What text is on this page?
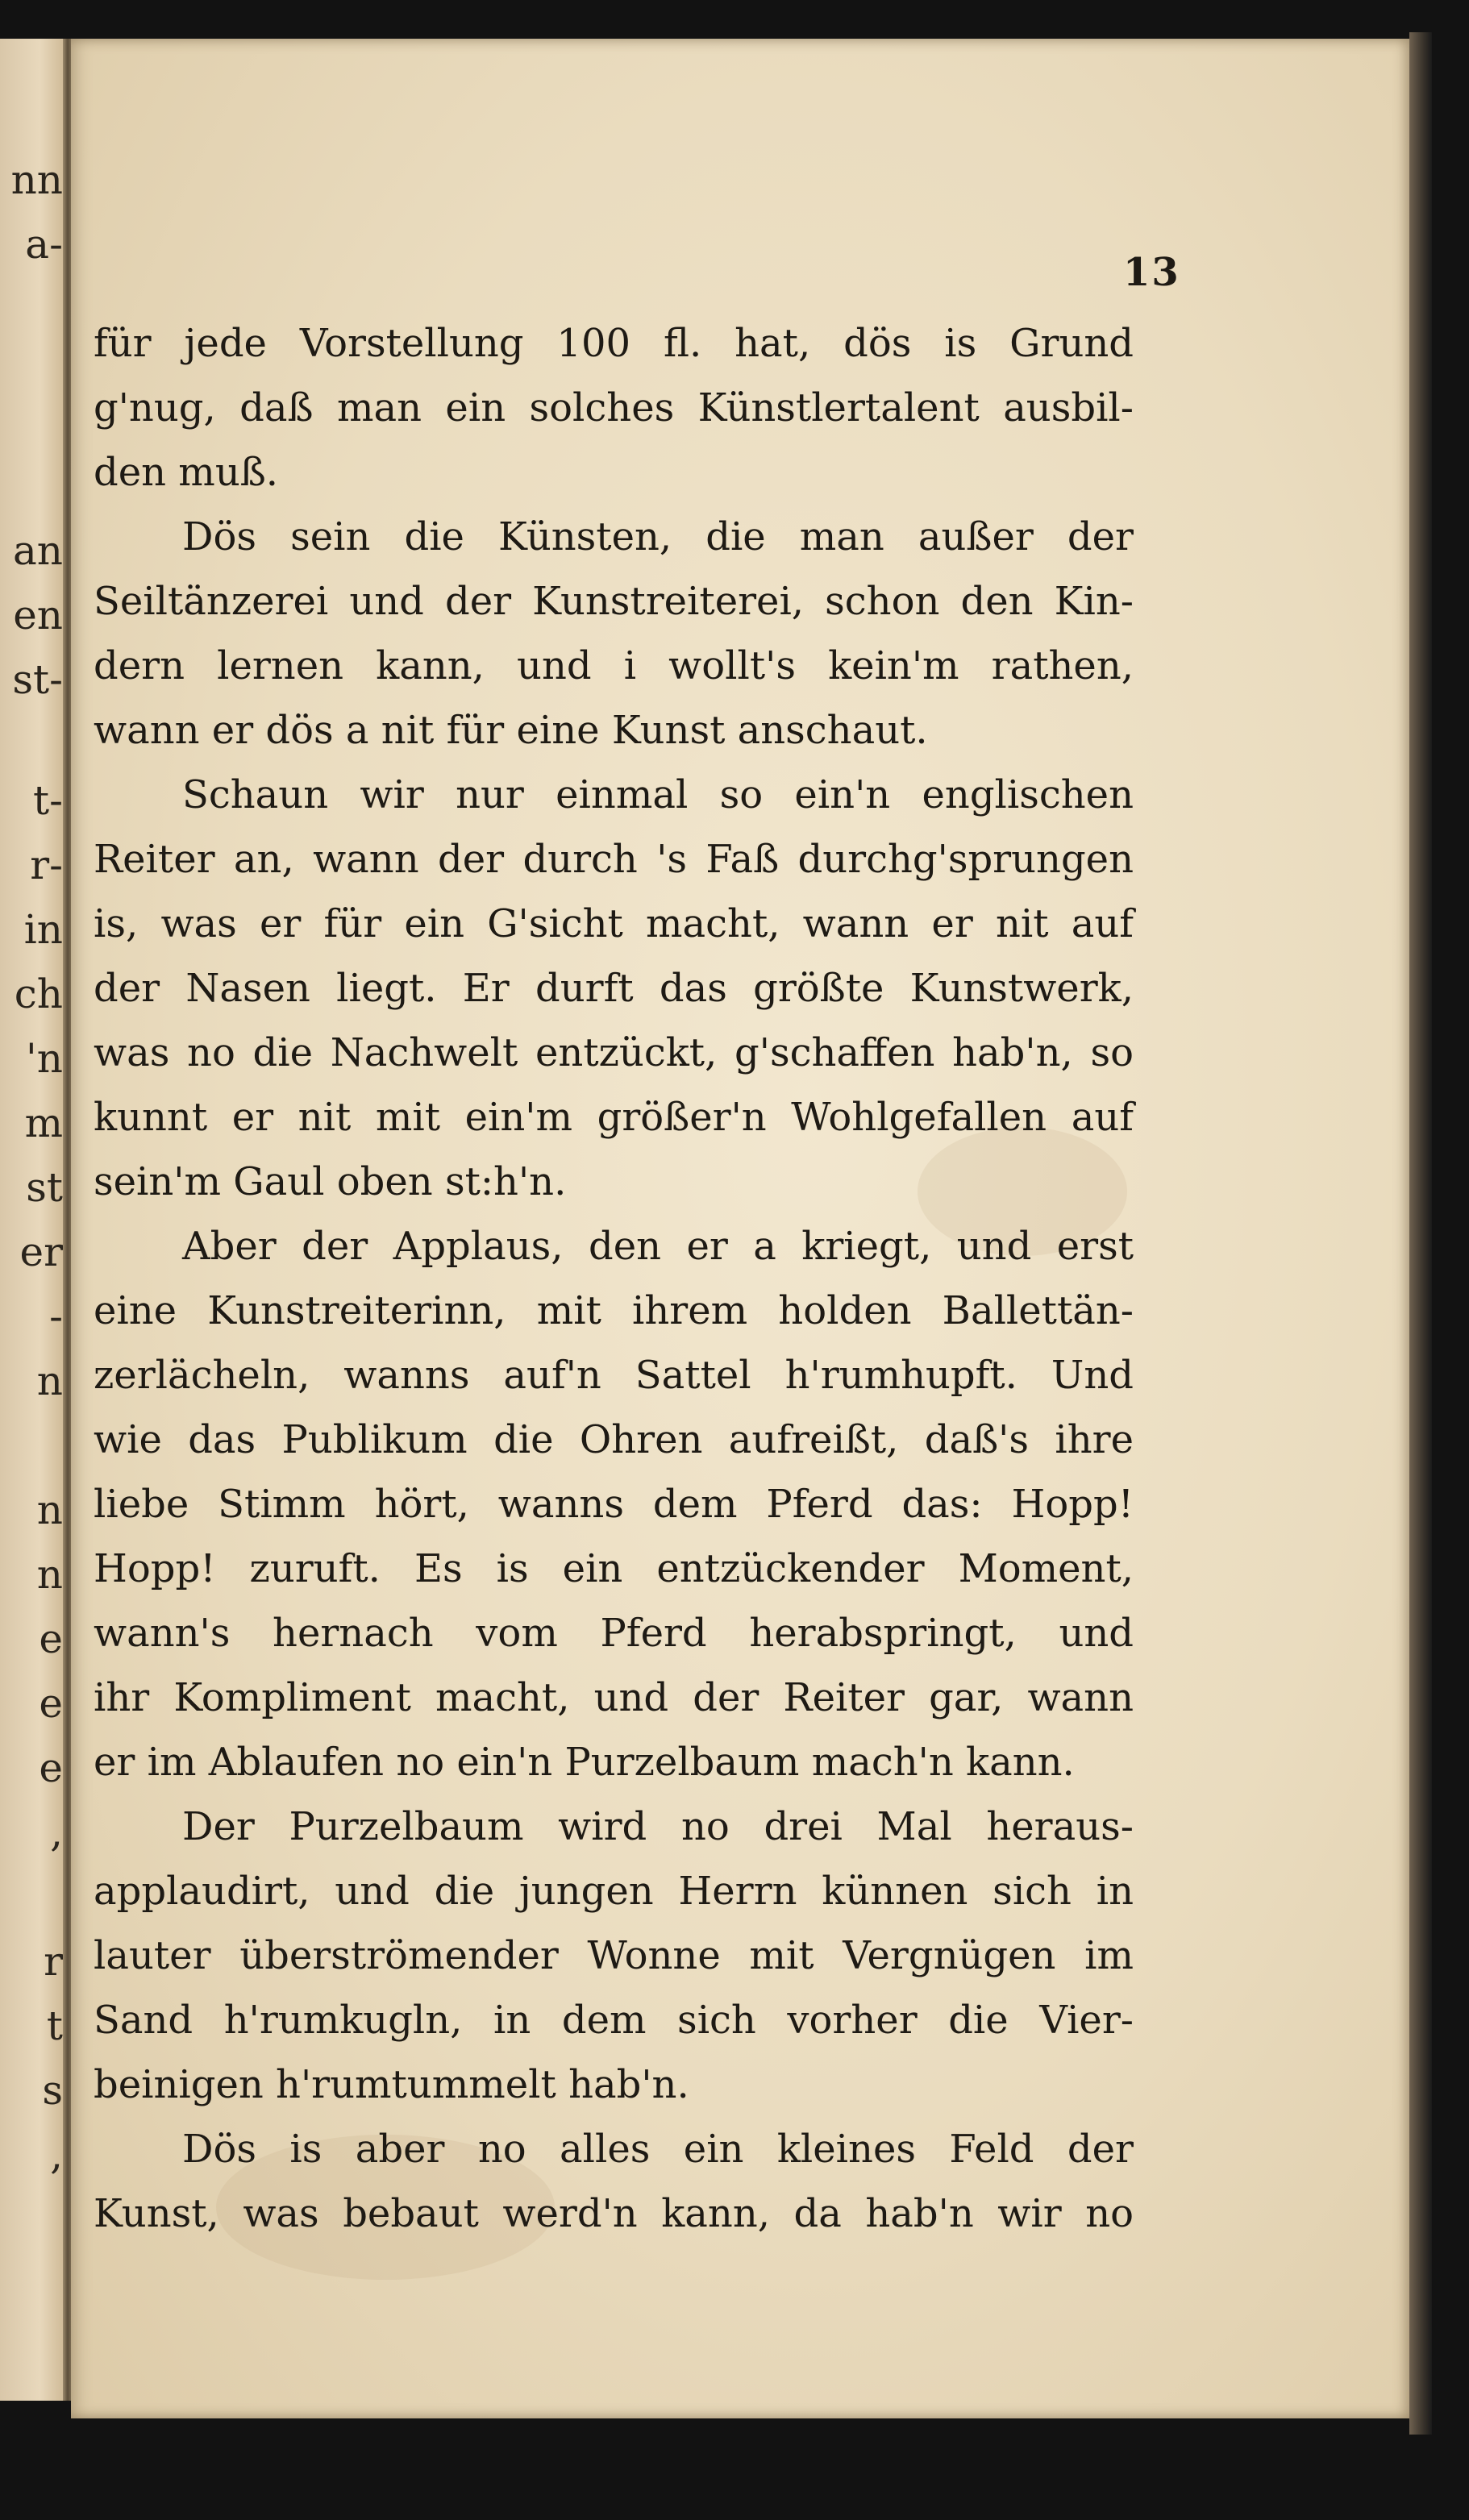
nn
a-
an
en
st-
t-
r-
in
ch
'n
m
st
er
-
n
n
n
e
e
e
,
r
t
s
,
13
für jede Vorstellung 100 fl. hat, dös is Grund
g'nug, daß man ein solches Künstlertalent ausbil-
den muß.
Dös sein die Künsten, die man außer der
Seiltänzerei und der Kunstreiterei, schon den Kin-
dern lernen kann, und i wollt's kein'm rathen,
wann er dös a nit für eine Kunst anschaut.
Schaun wir nur einmal so ein'n englischen
Reiter an, wann der durch 's Faß durchg'sprungen
is, was er für ein G'sicht macht, wann er nit auf
der Nasen liegt. Er durft das größte Kunstwerk,
was no die Nachwelt entzückt, g'schaffen hab'n, so
kunnt er nit mit ein'm größer'n Wohlgefallen auf
sein'm Gaul oben st:h'n.
Aber der Applaus, den er a kriegt, und erst
eine Kunstreiterinn, mit ihrem holden Ballettän-
zerlächeln, wanns auf'n Sattel h'rumhupft. Und
wie das Publikum die Ohren aufreißt, daß's ihre
liebe Stimm hört, wanns dem Pferd das: Hopp!
Hopp! zuruft. Es is ein entzückender Moment,
wann's hernach vom Pferd herabspringt, und
ihr Kompliment macht, und der Reiter gar, wann
er im Ablaufen no ein'n Purzelbaum mach'n kann.
Der Purzelbaum wird no drei Mal heraus-
applaudirt, und die jungen Herrn künnen sich in
lauter überströmender Wonne mit Vergnügen im
Sand h'rumkugln, in dem sich vorher die Vier-
beinigen h'rumtummelt hab'n.
Dös is aber no alles ein kleines Feld der
Kunst, was bebaut werd'n kann, da hab'n wir no
